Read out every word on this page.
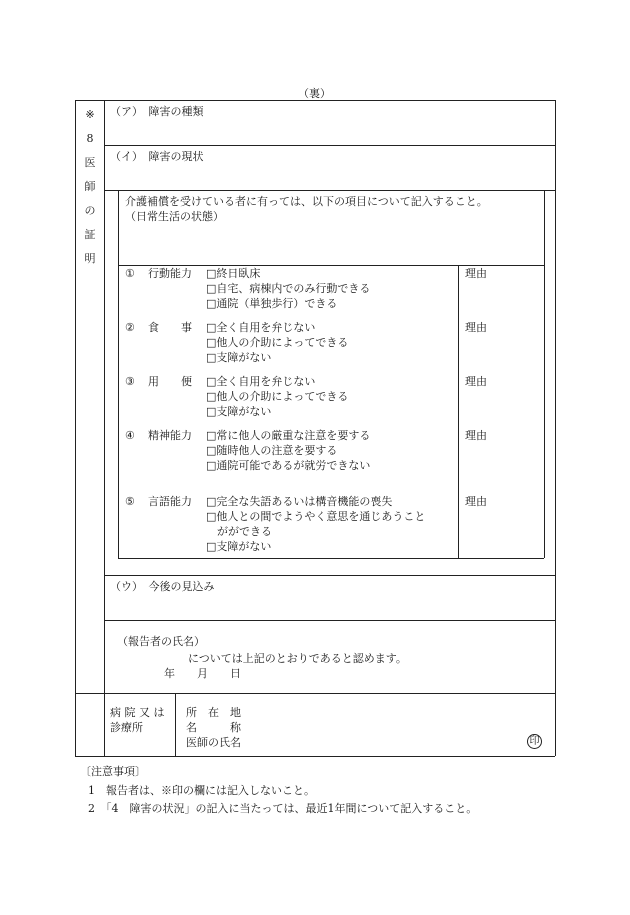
（裏）
※
8
医
師
の
証
明
（ア）　障害の種類
（イ）　障害の現状
介護補償を受けている者に有っては、以下の項目について記入すること。
（日常生活の状態）
① 行動能力 □終日臥床
□自宅、病棟内でのみ行動できる
□通院（単独歩行）できる
理由
② 食　　事 □全く自用を弁じない
□他人の介助によってできる
□支障がない
理由
③ 用　　便 □全く自用を弁じない
□他人の介助によってできる
□支障がない
理由
④ 精神能力 □常に他人の厳重な注意を要する
□随時他人の注意を要する
□通院可能であるが就労できない
理由
⑤ 言語能力 □完全な失語あるいは構音機能の喪失
□他人との間でようやく意思を通じあうこと
　がができる
□支障がない
理由
（ウ）　今後の見込み
（報告者の氏名）
については上記のとおりであると認めます。
年　　月　　日
病 院 又 は
診療所
所　在　地
名　　　称
医師の氏名	印
〔注意事項〕
1　報告者は、※印の欄には記入しないこと。
2　「4　障害の状況」の記入に当たっては、最近1年間について記入すること。
